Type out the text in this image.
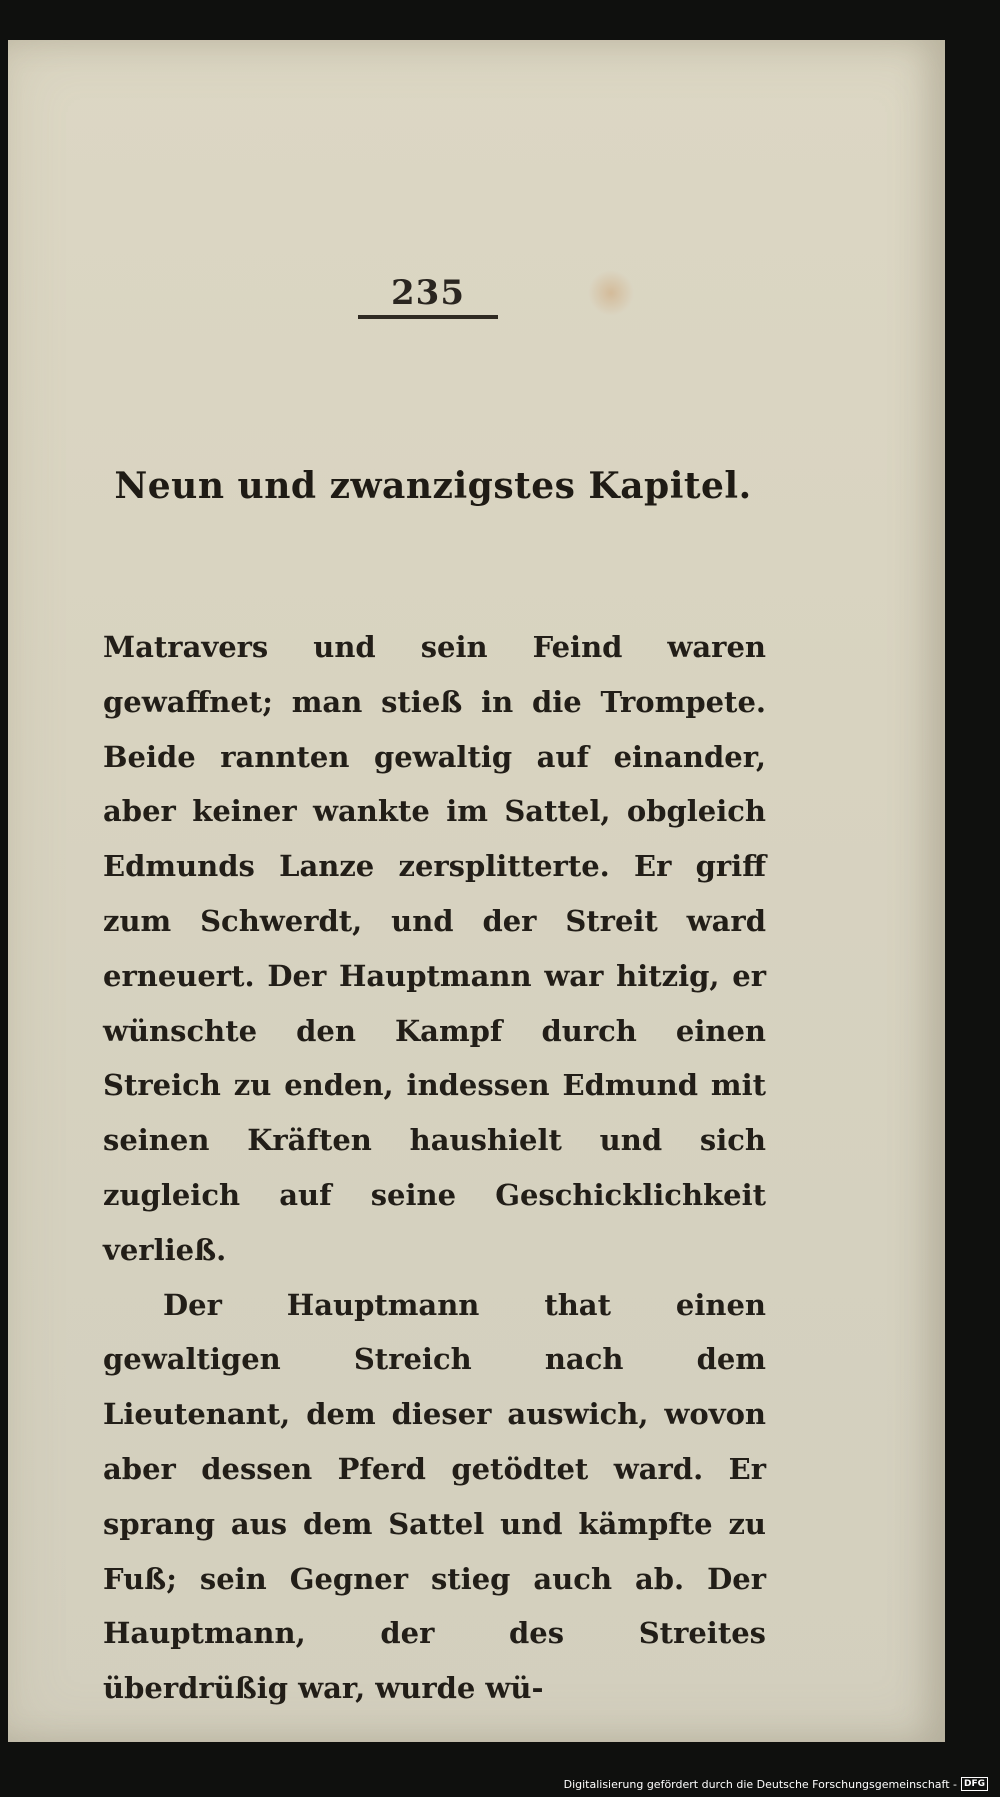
235
Neun und zwanzigstes Kapitel.

Matravers und sein Feind waren gewaffnet; man stieß in die Trompete. Beide rannten gewaltig auf einander, aber keiner wankte im Sattel, obgleich Edmunds Lanze zersplitterte. Er griff zum Schwerdt, und der Streit ward erneuert. Der Hauptmann war hitzig, er wünschte den Kampf durch einen Streich zu enden, indessen Edmund mit seinen Kräften haushielt und sich zugleich auf seine Geschicklichkeit verließ.

Der Hauptmann that einen gewaltigen Streich nach dem Lieutenant, dem dieser auswich, wovon aber dessen Pferd getödtet ward. Er sprang aus dem Sattel und kämpfte zu Fuß; sein Gegner stieg auch ab. Der Hauptmann, der des Streites überdrüßig war, wurde wü-

Digitalisierung gefördert durch die Deutsche Forschungsgemeinschaft - DFG
